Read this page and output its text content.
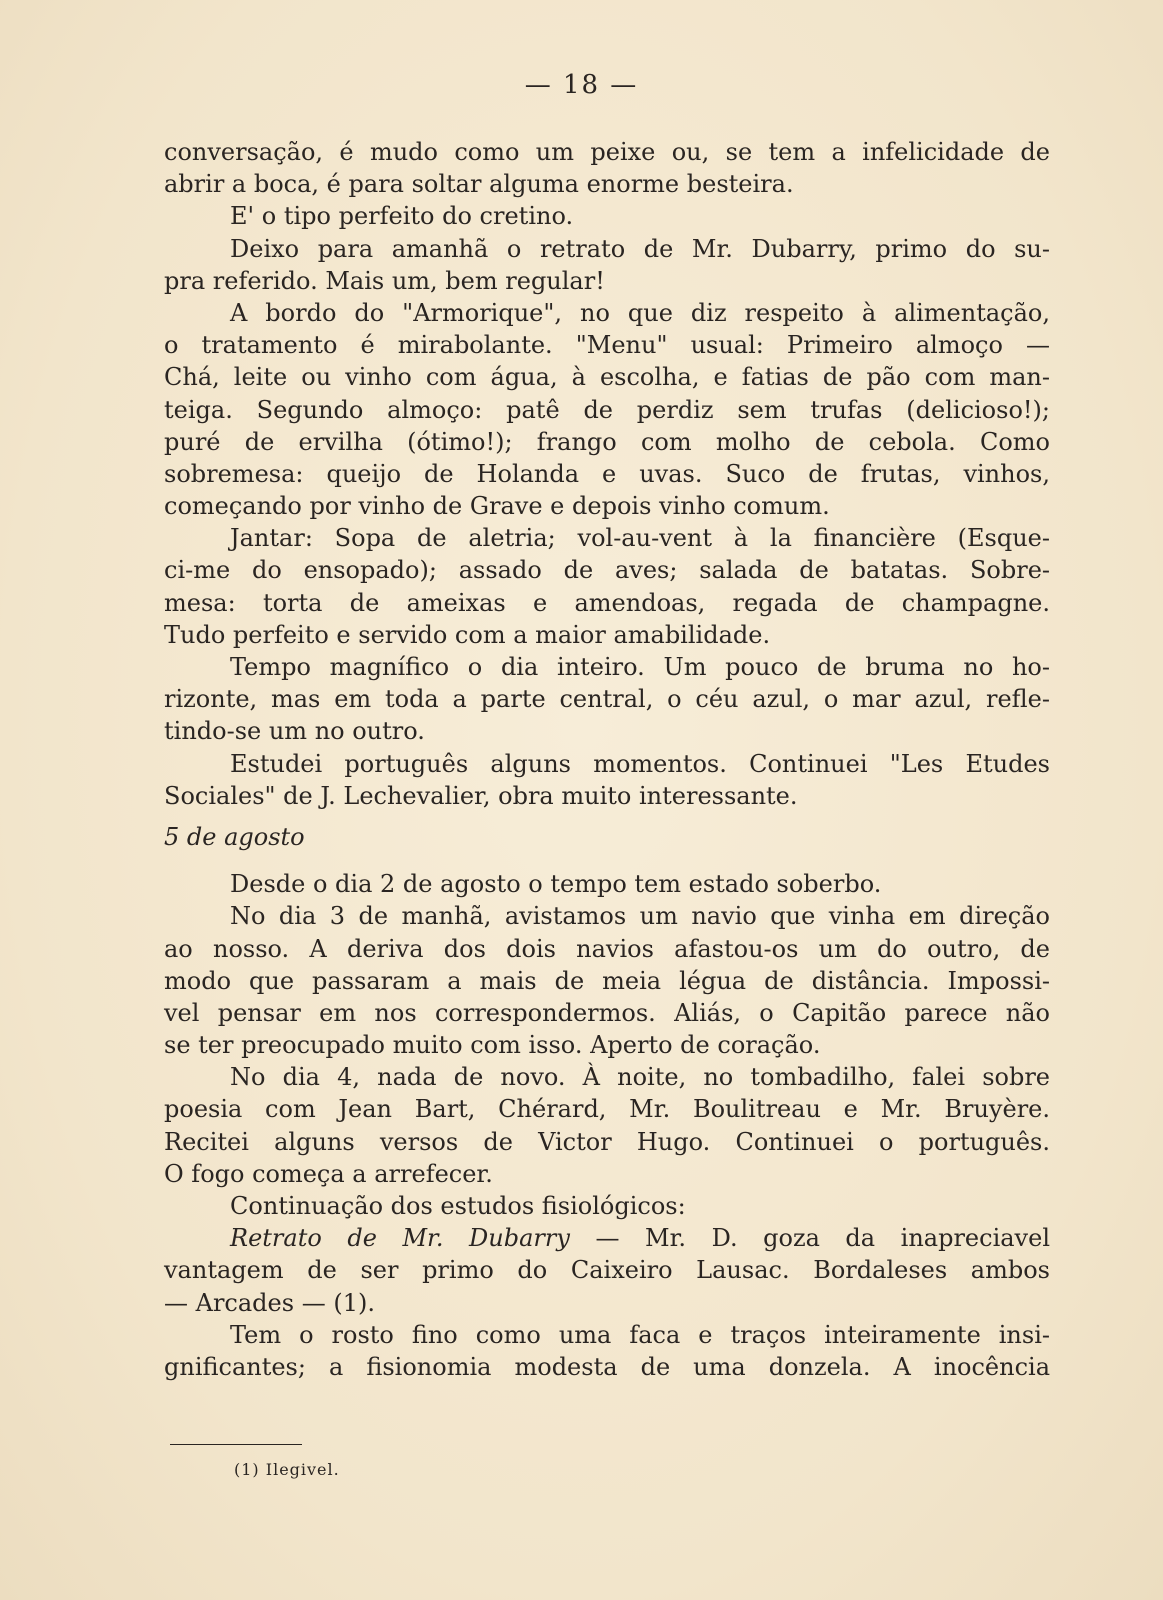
— 18 —
conversação, é mudo como um peixe ou, se tem a infelicidade de
abrir a boca, é para soltar alguma enorme besteira.
E' o tipo perfeito do cretino.
Deixo para amanhã o retrato de Mr. Dubarry, primo do su-
pra referido. Mais um, bem regular!
A bordo do "Armorique", no que diz respeito à alimentação,
o tratamento é mirabolante. "Menu" usual: Primeiro almoço —
Chá, leite ou vinho com água, à escolha, e fatias de pão com man-
teiga. Segundo almoço: patê de perdiz sem trufas (delicioso!);
puré de ervilha (ótimo!); frango com molho de cebola. Como
sobremesa: queijo de Holanda e uvas. Suco de frutas, vinhos,
começando por vinho de Grave e depois vinho comum.
Jantar: Sopa de aletria; vol-au-vent à la financière (Esque-
ci-me do ensopado); assado de aves; salada de batatas. Sobre-
mesa: torta de ameixas e amendoas, regada de champagne.
Tudo perfeito e servido com a maior amabilidade.
Tempo magnífico o dia inteiro. Um pouco de bruma no ho-
rizonte, mas em toda a parte central, o céu azul, o mar azul, refle-
tindo-se um no outro.
Estudei português alguns momentos. Continuei "Les Etudes
Sociales" de J. Lechevalier, obra muito interessante.
5 de agosto
Desde o dia 2 de agosto o tempo tem estado soberbo.
No dia 3 de manhã, avistamos um navio que vinha em direção
ao nosso. A deriva dos dois navios afastou-os um do outro, de
modo que passaram a mais de meia légua de distância. Impossi-
vel pensar em nos correspondermos. Aliás, o Capitão parece não
se ter preocupado muito com isso. Aperto de coração.
No dia 4, nada de novo. À noite, no tombadilho, falei sobre
poesia com Jean Bart, Chérard, Mr. Boulitreau e Mr. Bruyère.
Recitei alguns versos de Victor Hugo. Continuei o português.
O fogo começa a arrefecer.
Continuação dos estudos fisiológicos:
Retrato de Mr. Dubarry — Mr. D. goza da inapreciavel
vantagem de ser primo do Caixeiro Lausac. Bordaleses ambos
— Arcades — (1).
Tem o rosto fino como uma faca e traços inteiramente insi-
gnificantes; a fisionomia modesta de uma donzela. A inocência
(1) Ilegivel.
